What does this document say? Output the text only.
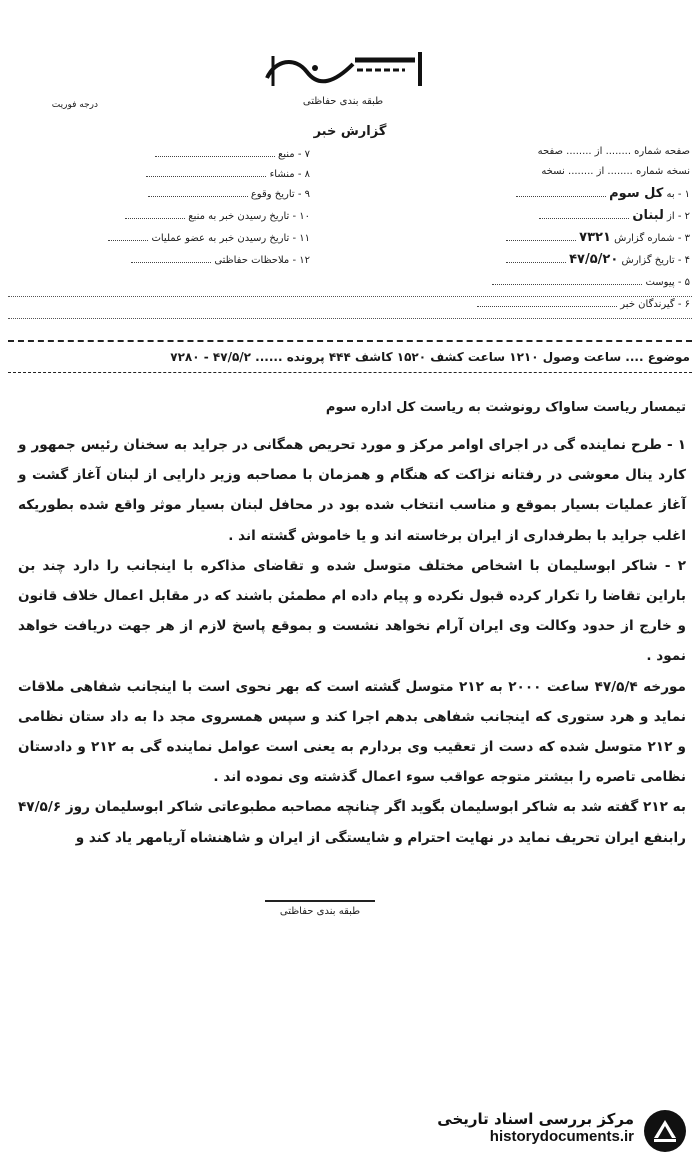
طبقه بندی حفاظتی
درجه فوریت
گزارش خبر
صفحه شماره ........ از ........ صفحه
نسخه شماره ........ از ........ نسخه
۱ - به کل سوم
۲ - از لبنان
۳ - شماره گزارش ۷۳۲۱
۴ - تاریخ گزارش ۴۷/۵/۲۰
۵ - پیوست
۶ - گیرندگان خبر
۷ - منبع
۸ - منشاء
۹ - تاریخ وقوع
۱۰ - تاریخ رسیدن خبر به منبع
۱۱ - تاریخ رسیدن خبر به عضو عملیات
۱۲ - ملاحظات حفاظتی
موضوع .... ساعت وصول ۱۲۱۰ ساعت کشف ۱۵۲۰ کاشف ۴۴۴ پرونده ...... ۴۷/۵/۲ - ۷۲۸۰
تیمسار ریاست ساواک رونوشت به ریاست کل اداره سوم

۱ - طرح نماینده گی در اجرای اوامر مرکز و مورد تحریص همگانی در جراید به سخنان رئیس جمهور و کارد ینال معوشی در رفتانه نزاکت که هنگام و همزمان با مصاحبه وزیر دارایی از لبنان آغاز گشت و آغاز عملیات بسیار بموقع و مناسب انتخاب شده بود در محافل لبنان بسیار موثر واقع شده بطوریکه اغلب جراید با بطرفداری از ایران برخاسته اند و یا خاموش گشته اند .

۲ - شاکر ابوسلیمان با اشخاص مختلف متوسل شده و تقاضای مذاکره با اینجانب را دارد چند بن باراین تقاضا را تکرار کرده قبول نکرده و پیام داده ام مطمئن باشند که در مقابل اعمال خلاف قانون و خارج از حدود وکالت وی ایران آرام نخواهد نشست و بموقع پاسخ لازم از هر جهت دریافت خواهد نمود .

مورخه ۴۷/۵/۴ ساعت ۲۰۰۰ به ۲۱۲ متوسل گشته است که بهر نحوی است با اینجانب شفاهی ملاقات نماید و هرد ستوری که اینجانب شفاهی بدهم اجرا کند و سپس همسروی مجد دا به داد ستان نظامی و ۲۱۲ متوسل شده که دست از تعقیب وی بردارم به یعنی است عوامل نماینده گی به ۲۱۲ و دادستان نظامی تاصره را بیشتر متوجه عواقب سوء اعمال گذشته وی نموده اند .

به ۲۱۲ گفته شد به شاکر ابوسلیمان بگوید اگر چنانچه مصاحبه مطبوعاتی شاکر ابوسلیمان روز ۴۷/۵/۶ رابنفع ایران تحریف نماید در نهایت احترام و شایستگی از ایران و شاهنشاه آریامهر یاد کند و

طبقه بندی حفاظتی
مرکز بررسی اسناد تاریخی
historydocuments.ir
